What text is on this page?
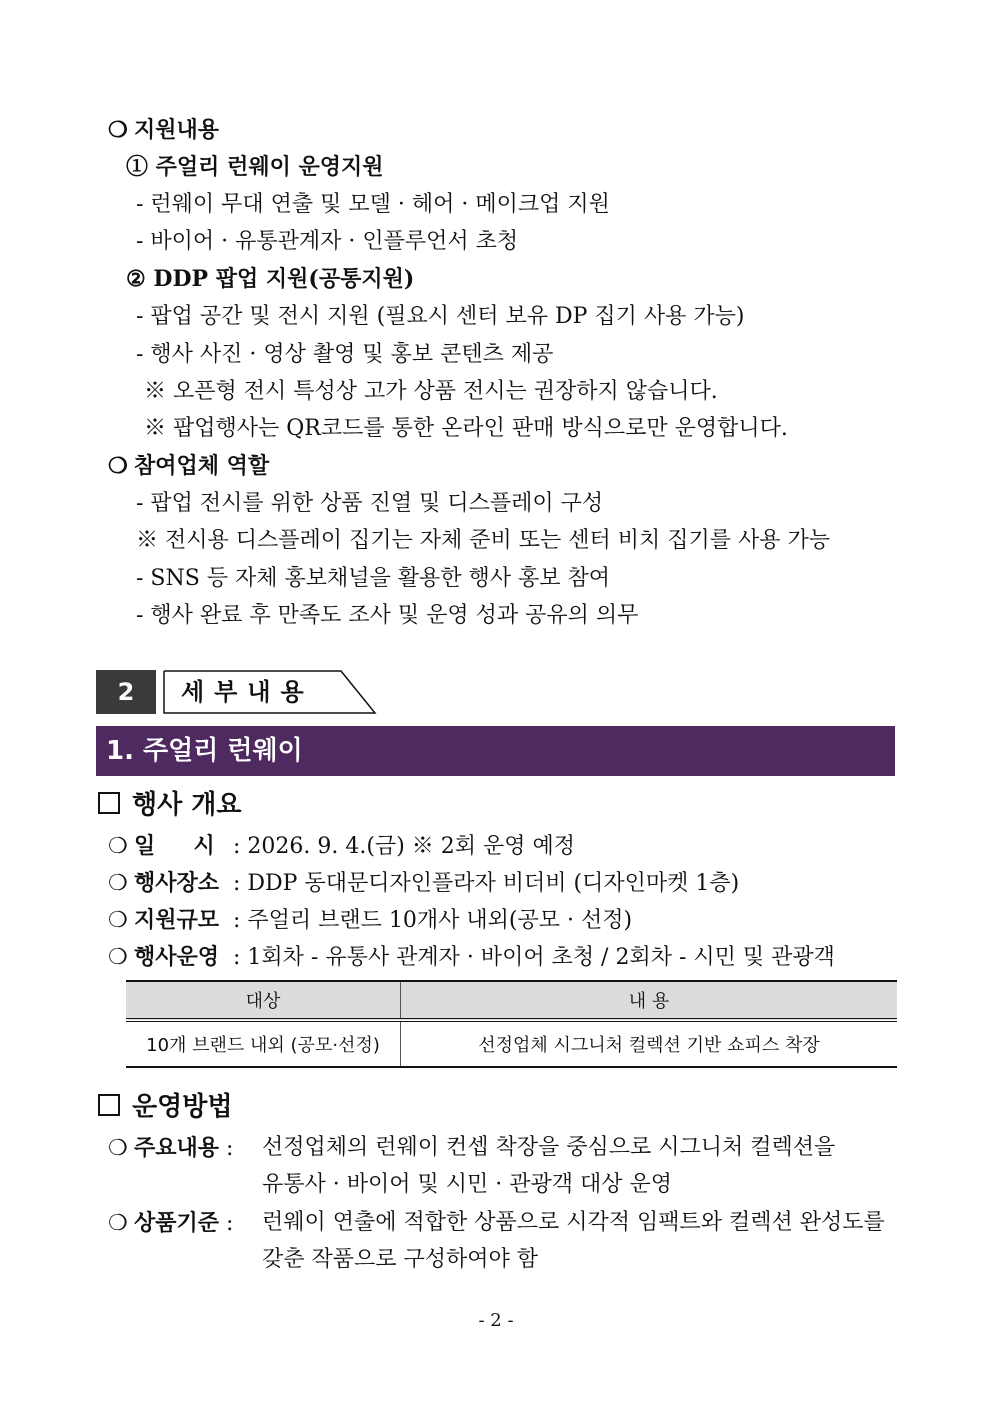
❍ 지원내용
① 주얼리 런웨이 운영지원
- 런웨이 무대 연출 및 모델 · 헤어 · 메이크업 지원
- 바이어 · 유통관계자 · 인플루언서 초청
② DDP 팝업 지원(공통지원)
- 팝업 공간 및 전시 지원 (필요시 센터 보유 DP 집기 사용 가능)
- 행사 사진 · 영상 촬영 및 홍보 콘텐츠 제공
※ 오픈형 전시 특성상 고가 상품 전시는 권장하지 않습니다.
※ 팝업행사는 QR코드를 통한 온라인 판매 방식으로만 운영합니다.
❍ 참여업체 역할
- 팝업 전시를 위한 상품 진열 및 디스플레이 구성
※ 전시용 디스플레이 집기는 자체 준비 또는 센터 비치 집기를 사용 가능
- SNS 등 자체 홍보채널을 활용한 행사 홍보 참여
- 행사 완료 후 만족도 조사 및 운영 성과 공유의 의무
2	세부내용
1. 주얼리 런웨이
행사 개요
❍ 일     시 : 2026. 9. 4.(금) ※ 2회 운영 예정
❍ 행사장소 : DDP 동대문디자인플라자 비더비 (디자인마켓 1층)
❍ 지원규모 : 주얼리 브랜드 10개사 내외(공모 · 선정)
❍ 행사운영 : 1회차 - 유통사 관계자 · 바이어 초청 / 2회차 - 시민 및 관광객
대상	내 용
10개 브랜드 내외 (공모·선정)	선정업체 시그니처 컬렉션 기반 쇼피스 착장
운영방법
❍ 주요내용 : 선정업체의 런웨이 컨셉 착장을 중심으로 시그니처 컬렉션을
유통사 · 바이어 및 시민 · 관광객 대상 운영
❍ 상품기준 : 런웨이 연출에 적합한 상품으로 시각적 임팩트와 컬렉션 완성도를
갖춘 작품으로 구성하여야 함
- 2 -
